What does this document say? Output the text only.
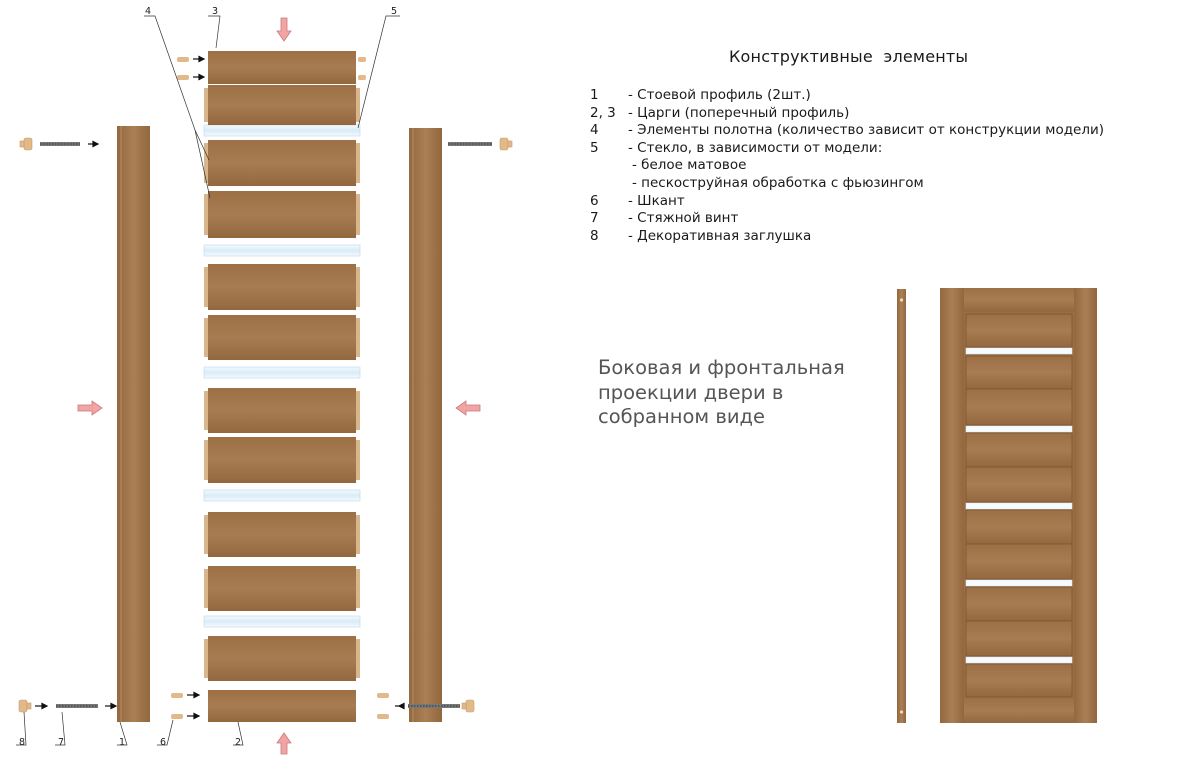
4	3	5
8	7	1	6	2
Конструктивные  элементы
1	- Стоевой профиль (2шт.)
2, 3 - Царги (поперечный профиль)
4	- Элементы полотна (количество зависит от конструкции модели)
5	- Стекло, в зависимости от модели:
- белое матовое
- пескоструйная обработка с фьюзингом
6	- Шкант
7	- Стяжной винт
8	- Декоративная заглушка
Боковая и фронтальная проекции двери в собранном виде
